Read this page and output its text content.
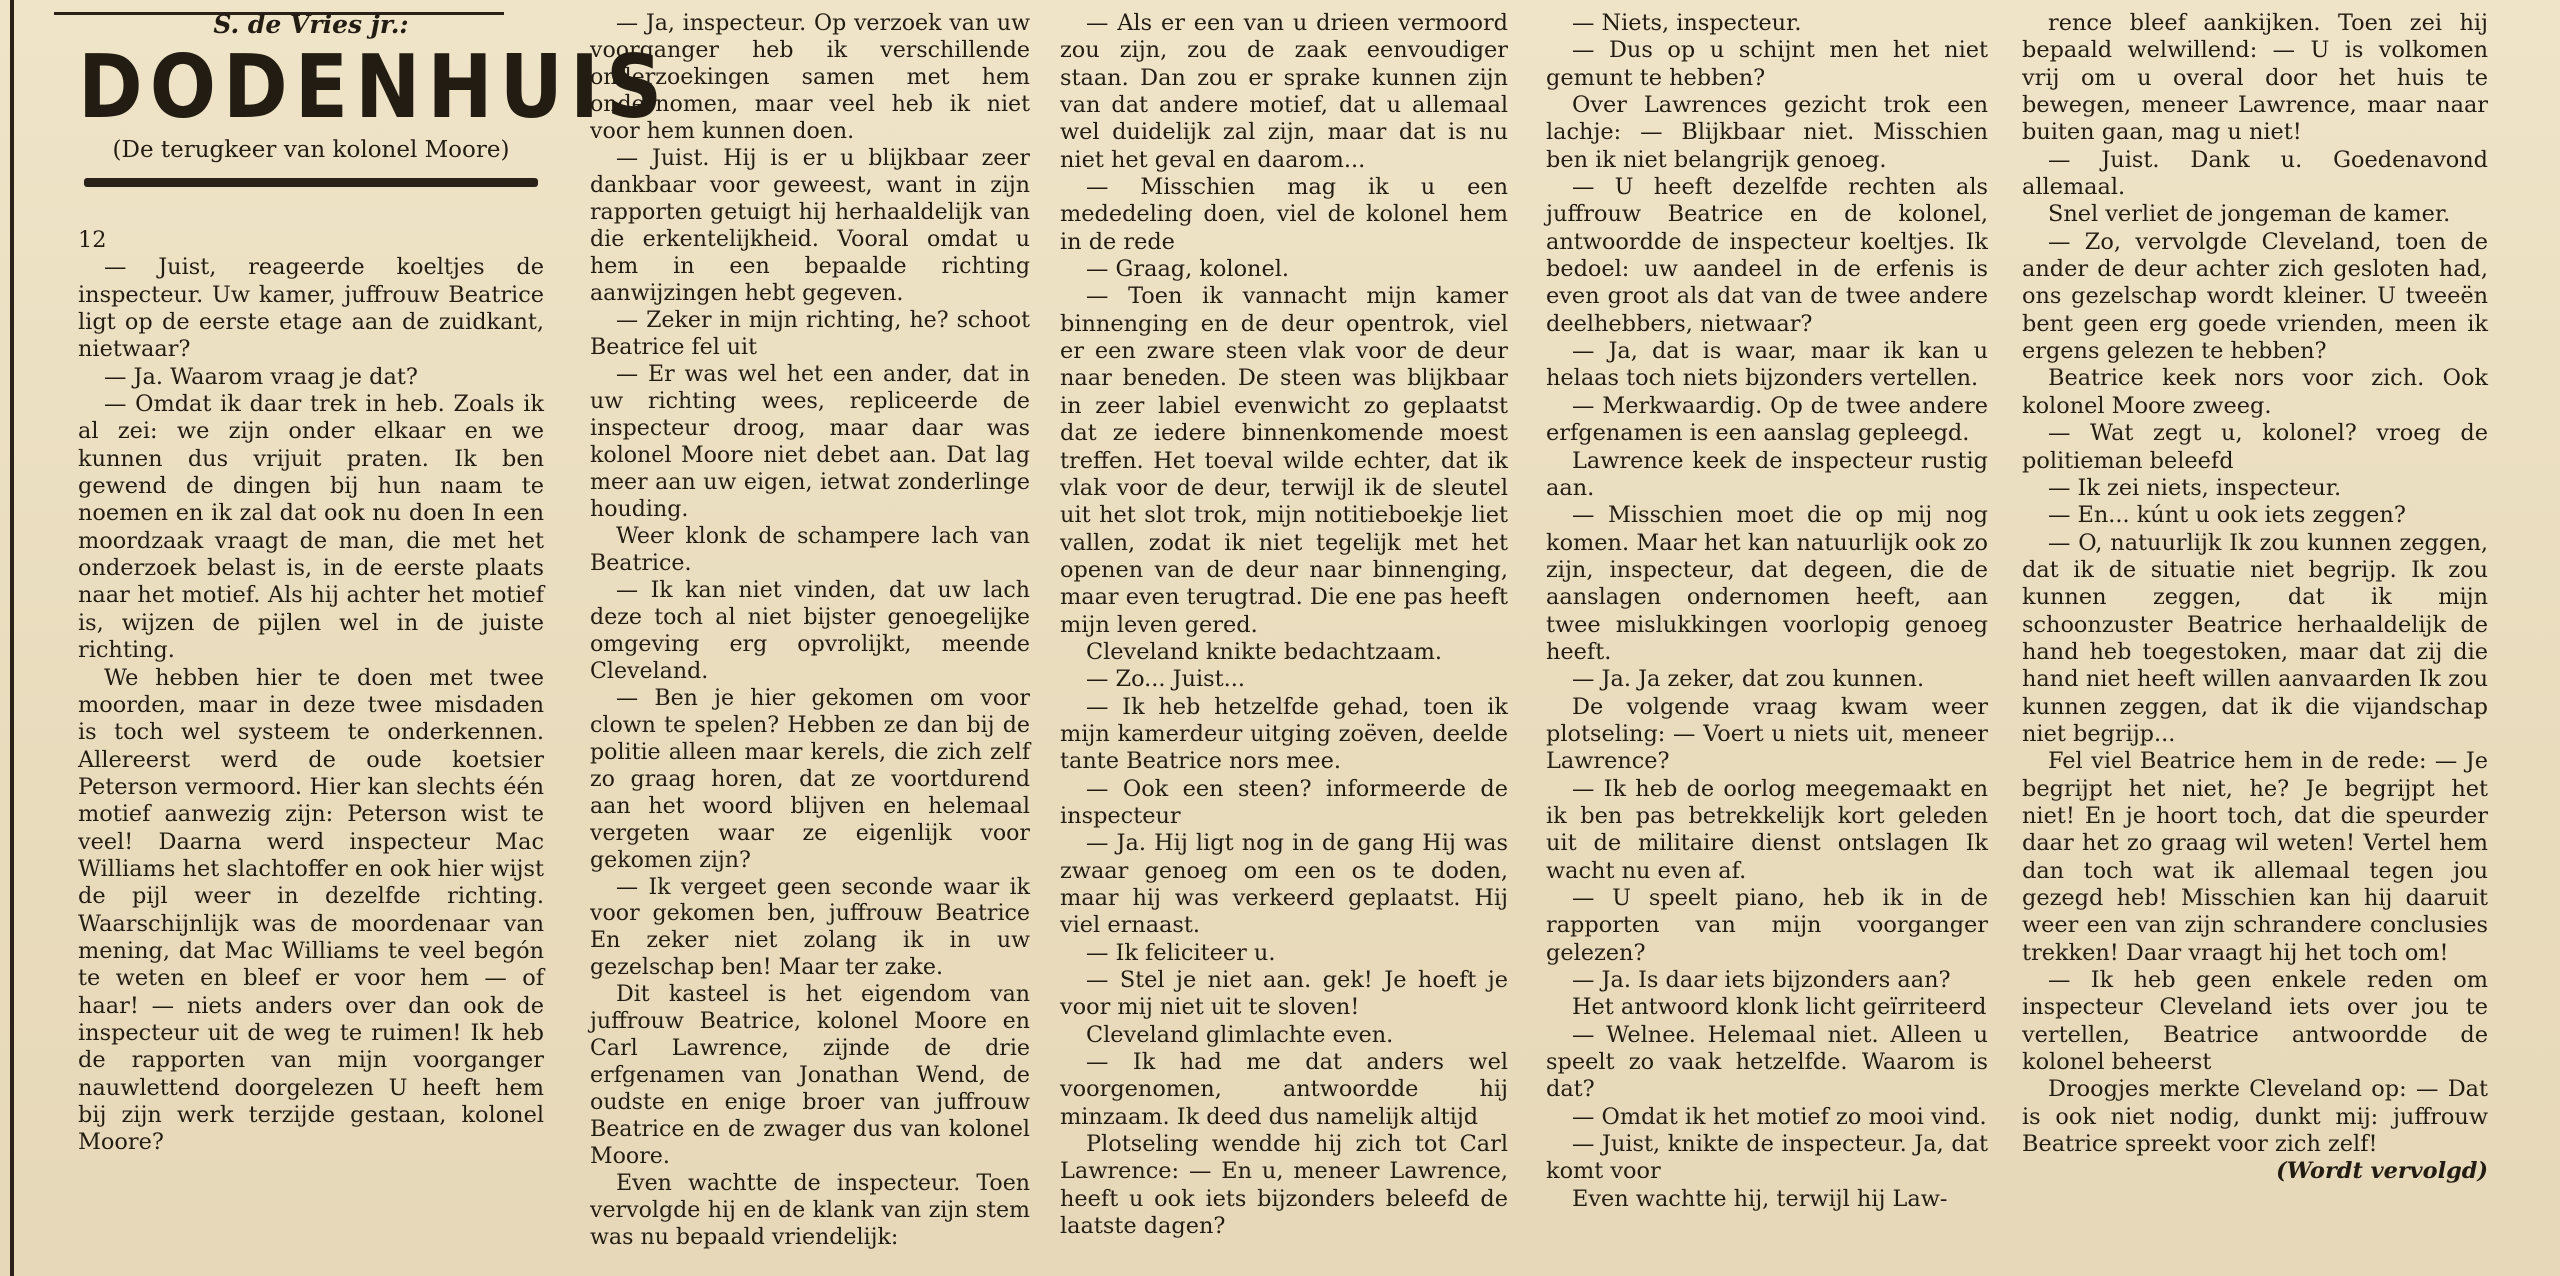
S. de Vries jr.:

DODENHUIS

(De terugkeer van kolonel Moore)

12

— Juist, reageerde koeltjes de inspecteur. Uw kamer, juffrouw Beatrice ligt op de eerste etage aan de zuidkant, nietwaar?

— Ja. Waarom vraag je dat?

— Omdat ik daar trek in heb. Zoals ik al zei: we zijn onder elkaar en we kunnen dus vrijuit praten. Ik ben gewend de dingen bij hun naam te noemen en ik zal dat ook nu doen In een moordzaak vraagt de man, die met het onderzoek belast is, in de eerste plaats naar het motief. Als hij achter het motief is, wijzen de pijlen wel in de juiste richting.

We hebben hier te doen met twee moorden, maar in deze twee misdaden is toch wel systeem te onderkennen. Allereerst werd de oude koetsier Peterson vermoord. Hier kan slechts één motief aanwezig zijn: Peterson wist te veel! Daarna werd inspecteur Mac Williams het slachtoffer en ook hier wijst de pijl weer in dezelfde richting. Waarschijnlijk was de moordenaar van mening, dat Mac Williams te veel begón te weten en bleef er voor hem — of haar! — niets anders over dan ook de inspecteur uit de weg te ruimen! Ik heb de rapporten van mijn voorganger nauwlettend doorgelezen U heeft hem bij zijn werk terzijde gestaan, kolonel Moore?

— Ja, inspecteur. Op verzoek van uw voorganger heb ik verschillende onderzoekingen samen met hem ondernomen, maar veel heb ik niet voor hem kunnen doen.

— Juist. Hij is er u blijkbaar zeer dankbaar voor geweest, want in zijn rapporten getuigt hij herhaaldelijk van die erkentelijkheid. Vooral omdat u hem in een bepaalde richting aanwijzingen hebt gegeven.

— Zeker in mijn richting, he? schoot Beatrice fel uit

— Er was wel het een ander, dat in uw richting wees, repliceerde de inspecteur droog, maar daar was kolonel Moore niet debet aan. Dat lag meer aan uw eigen, ietwat zonderlinge houding.

Weer klonk de schampere lach van Beatrice.

— Ik kan niet vinden, dat uw lach deze toch al niet bijster genoegelijke omgeving erg opvrolijkt, meende Cleveland.

— Ben je hier gekomen om voor clown te spelen? Hebben ze dan bij de politie alleen maar kerels, die zich zelf zo graag horen, dat ze voortdurend aan het woord blijven en helemaal vergeten waar ze eigenlijk voor gekomen zijn?

— Ik vergeet geen seconde waar ik voor gekomen ben, juffrouw Beatrice En zeker niet zolang ik in uw gezelschap ben! Maar ter zake.

Dit kasteel is het eigendom van juffrouw Beatrice, kolonel Moore en Carl Lawrence, zijnde de drie erfgenamen van Jonathan Wend, de oudste en enige broer van juffrouw Beatrice en de zwager dus van kolonel Moore.

Even wachtte de inspecteur. Toen vervolgde hij en de klank van zijn stem was nu bepaald vriendelijk:

— Als er een van u drieen vermoord zou zijn, zou de zaak eenvoudiger staan. Dan zou er sprake kunnen zijn van dat andere motief, dat u allemaal wel duidelijk zal zijn, maar dat is nu niet het geval en daarom...

— Misschien mag ik u een mededeling doen, viel de kolonel hem in de rede

— Graag, kolonel.

— Toen ik vannacht mijn kamer binnenging en de deur opentrok, viel er een zware steen vlak voor de deur naar beneden. De steen was blijkbaar in zeer labiel evenwicht zo geplaatst dat ze iedere binnenkomende moest treffen. Het toeval wilde echter, dat ik vlak voor de deur, terwijl ik de sleutel uit het slot trok, mijn notitieboekje liet vallen, zodat ik niet tegelijk met het openen van de deur naar binnenging, maar even terugtrad. Die ene pas heeft mijn leven gered.

Cleveland knikte bedachtzaam.

— Zo... Juist...

— Ik heb hetzelfde gehad, toen ik mijn kamerdeur uitging zoëven, deelde tante Beatrice nors mee.

— Ook een steen? informeerde de inspecteur

— Ja. Hij ligt nog in de gang Hij was zwaar genoeg om een os te doden, maar hij was verkeerd geplaatst. Hij viel ernaast.

— Ik feliciteer u.

— Stel je niet aan. gek! Je hoeft je voor mij niet uit te sloven!

Cleveland glimlachte even.

— Ik had me dat anders wel voorgenomen, antwoordde hij minzaam. Ik deed dus namelijk altijd

Plotseling wendde hij zich tot Carl Lawrence: — En u, meneer Lawrence, heeft u ook iets bijzonders beleefd de laatste dagen?

— Niets, inspecteur.

— Dus op u schijnt men het niet gemunt te hebben?

Over Lawrences gezicht trok een lachje: — Blijkbaar niet. Misschien ben ik niet belangrijk genoeg.

— U heeft dezelfde rechten als juffrouw Beatrice en de kolonel, antwoordde de inspecteur koeltjes. Ik bedoel: uw aandeel in de erfenis is even groot als dat van de twee andere deelhebbers, nietwaar?

— Ja, dat is waar, maar ik kan u helaas toch niets bijzonders vertellen.

— Merkwaardig. Op de twee andere erfgenamen is een aanslag gepleegd.

Lawrence keek de inspecteur rustig aan.

— Misschien moet die op mij nog komen. Maar het kan natuurlijk ook zo zijn, inspecteur, dat degeen, die de aanslagen ondernomen heeft, aan twee mislukkingen voorlopig genoeg heeft.

— Ja. Ja zeker, dat zou kunnen.

De volgende vraag kwam weer plotseling: — Voert u niets uit, meneer Lawrence?

— Ik heb de oorlog meegemaakt en ik ben pas betrekkelijk kort geleden uit de militaire dienst ontslagen Ik wacht nu even af.

— U speelt piano, heb ik in de rapporten van mijn voorganger gelezen?

— Ja. Is daar iets bijzonders aan?

Het antwoord klonk licht geïrriteerd

— Welnee. Helemaal niet. Alleen u speelt zo vaak hetzelfde. Waarom is dat?

— Omdat ik het motief zo mooi vind.

— Juist, knikte de inspecteur. Ja, dat komt voor

Even wachtte hij, terwijl hij Law-

rence bleef aankijken. Toen zei hij bepaald welwillend: — U is volkomen vrij om u overal door het huis te bewegen, meneer Lawrence, maar naar buiten gaan, mag u niet!

— Juist. Dank u. Goedenavond allemaal.

Snel verliet de jongeman de kamer.

— Zo, vervolgde Cleveland, toen de ander de deur achter zich gesloten had, ons gezelschap wordt kleiner. U tweeën bent geen erg goede vrienden, meen ik ergens gelezen te hebben?

Beatrice keek nors voor zich. Ook kolonel Moore zweeg.

— Wat zegt u, kolonel? vroeg de politieman beleefd

— Ik zei niets, inspecteur.

— En... kúnt u ook iets zeggen?

— O, natuurlijk Ik zou kunnen zeggen, dat ik de situatie niet begrijp. Ik zou kunnen zeggen, dat ik mijn schoonzuster Beatrice herhaaldelijk de hand heb toegestoken, maar dat zij die hand niet heeft willen aanvaarden Ik zou kunnen zeggen, dat ik die vijandschap niet begrijp...

Fel viel Beatrice hem in de rede: — Je begrijpt het niet, he? Je begrijpt het niet! En je hoort toch, dat die speurder daar het zo graag wil weten! Vertel hem dan toch wat ik allemaal tegen jou gezegd heb! Misschien kan hij daaruit weer een van zijn schrandere conclusies trekken! Daar vraagt hij het toch om!

— Ik heb geen enkele reden om inspecteur Cleveland iets over jou te vertellen, Beatrice antwoordde de kolonel beheerst

Droogjes merkte Cleveland op: — Dat is ook niet nodig, dunkt mij: juffrouw Beatrice spreekt voor zich zelf!

(Wordt vervolgd)
